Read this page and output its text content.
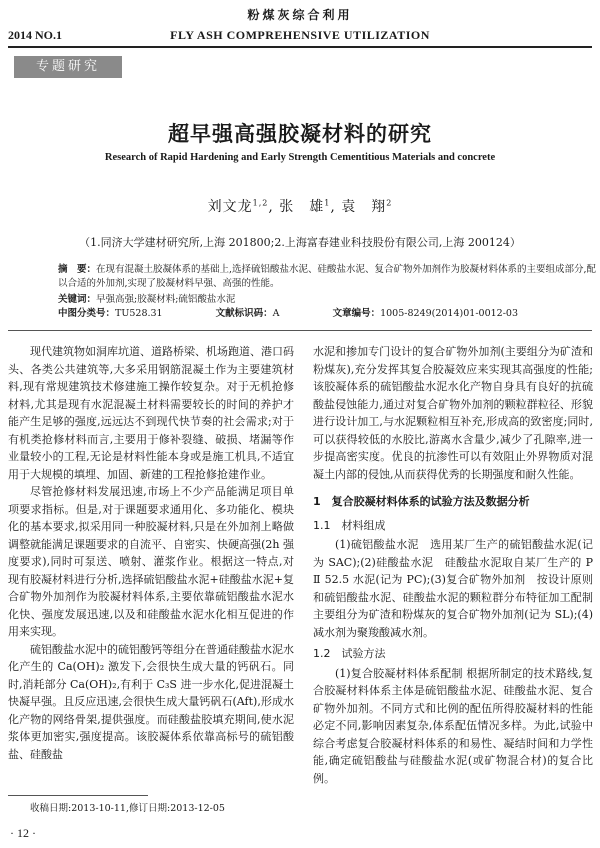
粉煤灰综合利用
2014 NO.1	FLY ASH COMPREHENSIVE UTILIZATION
专题研究
超早强高强胶凝材料的研究
Research of Rapid Hardening and Early Strength Cementitious Materials and concrete
刘文龙$^{1,2}$, 张　雄$^1$, 袁　翔$^2$
（1.同济大学建材研究所,上海 201800;2.上海富春建业科技股份有限公司,上海 200124）
摘　要：在现有混凝土胶凝体系的基础上,选择硫铝酸盐水泥、硅酸盐水泥、复合矿物外加剂作为胶凝材料体系的主要组成部分,配以合适的外加剂,实现了胶凝材料早强、高强的性能。
关键词：早强高强;胶凝材料;硫铝酸盐水泥
中图分类号：TU528.31	文献标识码：A	文章编号：1005-8249(2014)01-0012-03

现代建筑物如洞库坑道、道路桥梁、机场跑道、港口码头、各类公共建筑等,大多采用钢筋混凝土作为主要建筑材料,现有常规建筑技术修建施工操作较复杂。对于无机抢修材料,尤其是现有水泥混凝土材料需要较长的时间的养护才能产生足够的强度,远远达不到现代快节奏的社会需求;对于有机类抢修材料而言,主要用于修补裂缝、破损、堵漏等作业量较小的工程,无论是材料性能本身或是施工机具,不适宜用于大规模的填埋、加固、新建的工程抢修抢建作业。

尽管抢修材料发展迅速,市场上不少产品能满足项目单项要求指标。但是,对于课题要求通用化、多功能化、模块化的基本要求,拟采用同一种胶凝材料,只是在外加剂上略做调整就能满足课题要求的自流平、自密实、快硬高强(2h 强度要求),同时可泵送、喷射、灌浆作业。根据这一特点,对现有胶凝材料进行分析,选择硫铝酸盐水泥+硅酸盐水泥+复合矿物外加剂作为胶凝材料体系,主要依靠硫铝酸盐水泥水化快、强度发展迅速,以及和硅酸盐水泥水化相互促进的作用来实现。

硫铝酸盐水泥中的硫铝酸钙等组分在普通硅酸盐水泥水化产生的 Ca(OH)₂ 激发下,会很快生成大量的钙矾石。同时,消耗部分 Ca(OH)₂,有利于 C₃S 进一步水化,促进混凝土快凝早强。且反应迅速,会很快生成大量钙矾石(Aft),形成水化产物的网络骨架,提供强度。而硅酸盐胶填充期间,使水泥浆体更加密实,强度提高。该胶凝体系依靠高标号的硫铝酸盐、硅酸盐

水泥和掺加专门设计的复合矿物外加剂(主要组分为矿渣和粉煤灰),充分发挥其复合胶凝效应来实现其高强度的性能;该胶凝体系的硫铝酸盐水泥水化产物自身具有良好的抗硫酸盐侵蚀能力,通过对复合矿物外加剂的颗粒群粒径、形貌进行设计加工,与水泥颗粒相互补充,形成高的致密度;同时,可以获得较低的水胶比,游离水含量少,减少了孔隙率,进一步提高密实度。优良的抗渗性可以有效阻止外界物质对混凝土内部的侵蚀,从而获得优秀的长期强度和耐久性能。

1　复合胶凝材料体系的试验方法及数据分析

1.1　材料组成

(1)硫铝酸盐水泥　选用某厂生产的硫铝酸盐水泥(记为 SAC);(2)硅酸盐水泥　硅酸盐水泥取自某厂生产的 P Ⅱ 52.5 水泥(记为 PC);(3)复合矿物外加剂　按设计原则和硫铝酸盐水泥、硅酸盐水泥的颗粒群分布特征加工配制主要组分为矿渣和粉煤灰的复合矿物外加剂(记为 SL);(4)减水剂为聚羧酸减水剂。

1.2　试验方法

(1)复合胶凝材料体系配制 根据所制定的技术路线,复合胶凝材料体系主体是硫铝酸盐水泥、硅酸盐水泥、复合矿物外加剂。不同方式和比例的配伍所得胶凝材料的性能必定不同,影响因素复杂,体系配伍情况多样。为此,试验中综合考虑复合胶凝材料体系的和易性、凝结时间和力学性能,确定硫铝酸盐与硅酸盐水泥(或矿物混合材)的复合比例。

收稿日期:2013-10-11,修订日期:2013-12-05
· 12 ·
